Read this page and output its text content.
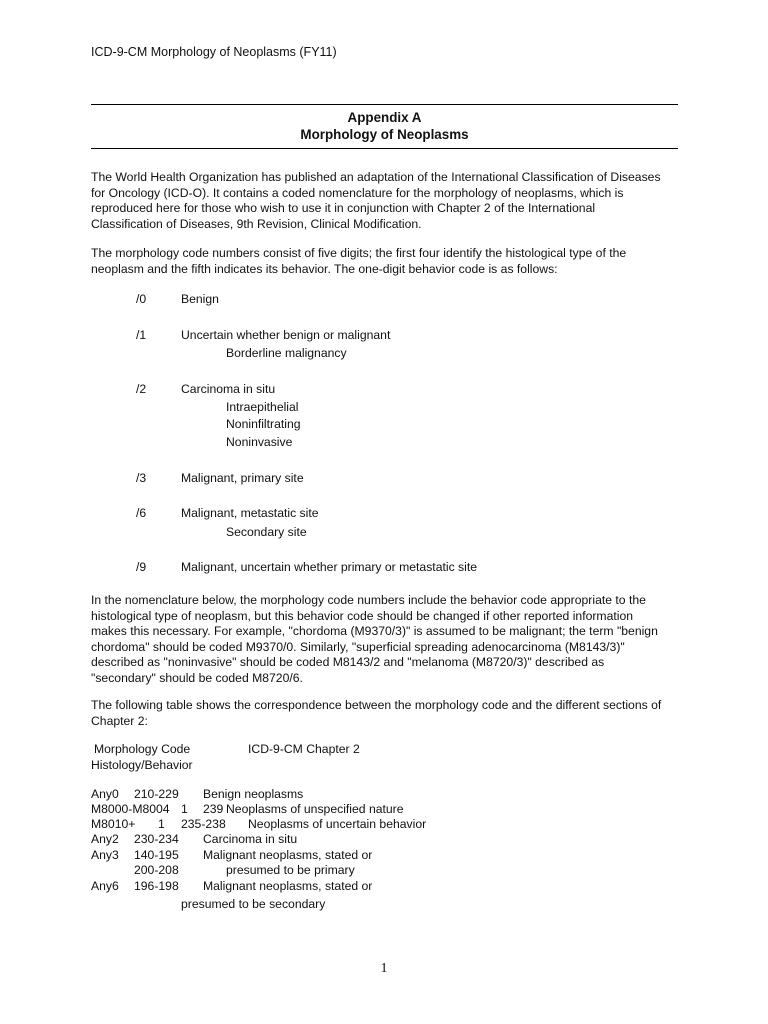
ICD-9-CM Morphology of Neoplasms (FY11)
Appendix A
Morphology of Neoplasms
The World Health Organization has published an adaptation of the International Classification of Diseases
for Oncology (ICD-O). It contains a coded nomenclature for the morphology of neoplasms, which is
reproduced here for those who wish to use it in conjunction with Chapter 2 of the International
Classification of Diseases, 9th Revision, Clinical Modification.
The morphology code numbers consist of five digits; the first four identify the histological type of the
neoplasm and the fifth indicates its behavior. The one-digit behavior code is as follows:
/0	Benign
/1	Uncertain whether benign or malignant
Borderline malignancy
/2	Carcinoma in situ
Intraepithelial
Noninfiltrating
Noninvasive
/3	Malignant, primary site
/6	Malignant, metastatic site
Secondary site
/9	Malignant, uncertain whether primary or metastatic site
In the nomenclature below, the morphology code numbers include the behavior code appropriate to the
histological type of neoplasm, but this behavior code should be changed if other reported information
makes this necessary. For example, "chordoma (M9370/3)" is assumed to be malignant; the term "benign
chordoma" should be coded M9370/0. Similarly, "superficial spreading adenocarcinoma (M8143/3)"
described as "noninvasive" should be coded M8143/2 and "melanoma (M8720/3)" described as
"secondary" should be coded M8720/6.
The following table shows the correspondence between the morphology code and the different sections of
Chapter 2:
Morphology Code	ICD-9-CM Chapter 2
Histology/Behavior
Any0 210-229 Benign neoplasms
M8000-M8004 1 239 Neoplasms of unspecified nature
M8010+ 1 235-238 Neoplasms of uncertain behavior
Any2 230-234 Carcinoma in situ
Any3 140-195 Malignant neoplasms, stated or
200-208	presumed to be primary
Any6 196-198 Malignant neoplasms, stated or
presumed to be secondary
1
